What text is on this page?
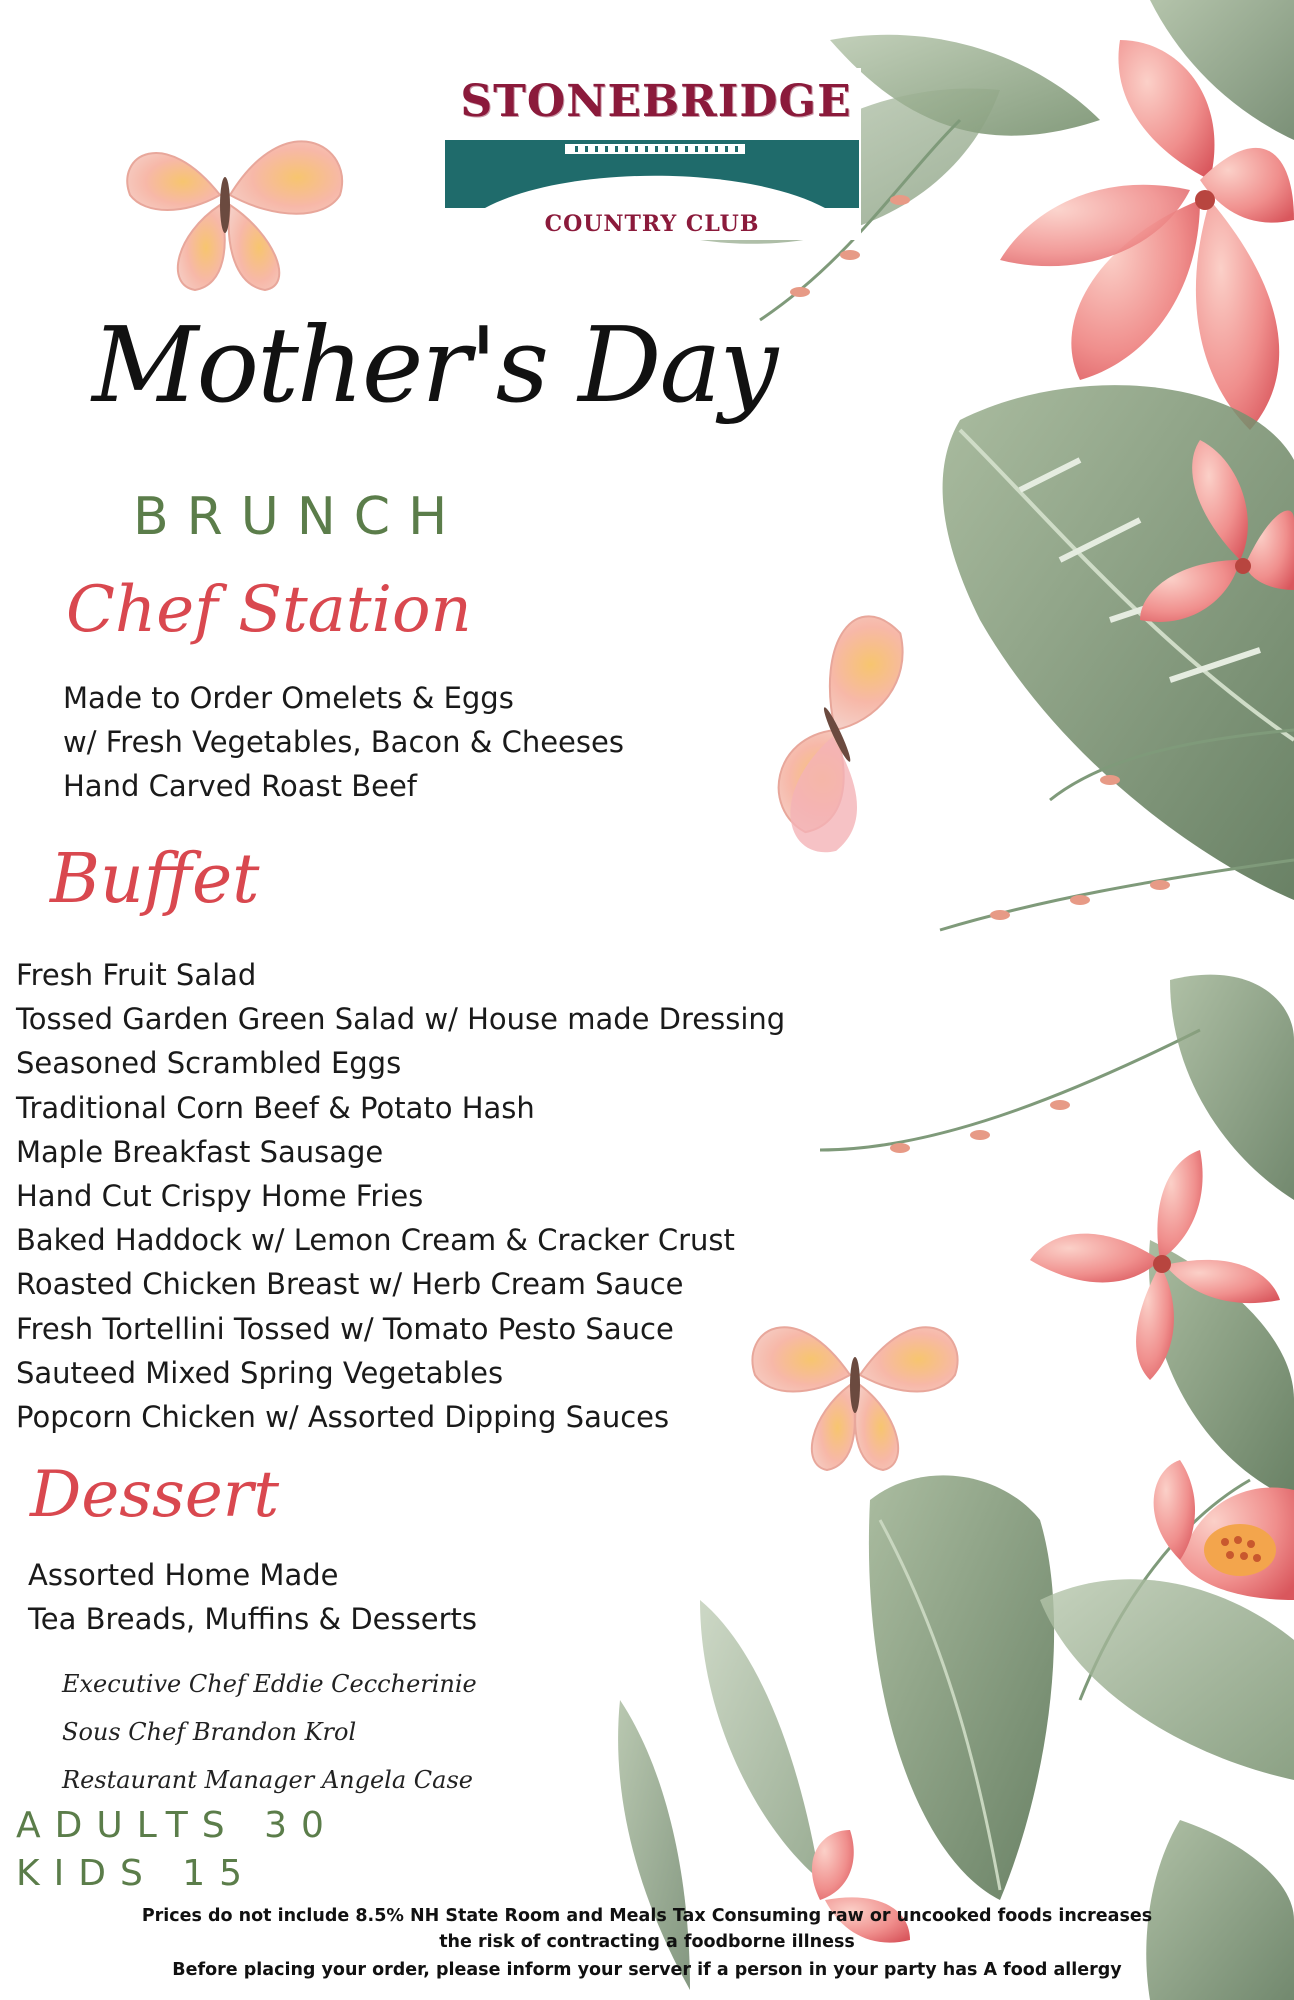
STONEBRIDGE
COUNTRY CLUB
Mother's Day
BRUNCH
Chef Station
Made to Order Omelets & Eggs
w/ Fresh Vegetables, Bacon & Cheeses
Hand Carved Roast Beef
Buffet
Fresh Fruit Salad
Tossed Garden Green Salad w/ House made Dressing
Seasoned Scrambled Eggs
Traditional Corn Beef & Potato Hash
Maple Breakfast Sausage
Hand Cut Crispy Home Fries
Baked Haddock w/ Lemon Cream & Cracker Crust
Roasted Chicken Breast w/ Herb Cream Sauce
Fresh Tortellini Tossed w/ Tomato Pesto Sauce
Sauteed Mixed Spring Vegetables
Popcorn Chicken w/ Assorted Dipping Sauces
Dessert
Assorted Home Made
Tea Breads, Muffins & Desserts
Executive Chef Eddie Ceccherinie
Sous Chef Brandon Krol
Restaurant Manager Angela Case
ADULTS 30
KIDS 15
Prices do not include 8.5% NH State Room and Meals Tax Consuming raw or uncooked foods increases
the risk of contracting a foodborne illness
Before placing your order, please inform your server if a person in your party has A food allergy
